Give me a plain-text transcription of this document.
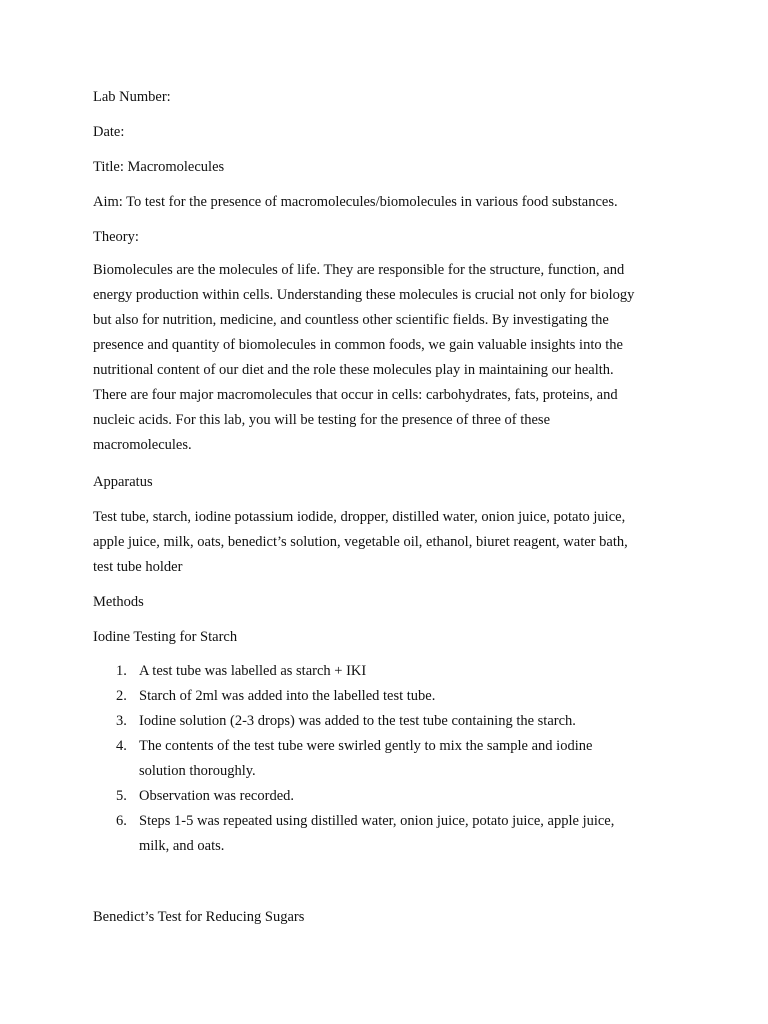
Lab Number:

Date:

Title: Macromolecules

Aim: To test for the presence of macromolecules/biomolecules in various food substances.

Theory:

Biomolecules are the molecules of life. They are responsible for the structure, function, and
energy production within cells. Understanding these molecules is crucial not only for biology
but also for nutrition, medicine, and countless other scientific fields. By investigating the
presence and quantity of biomolecules in common foods, we gain valuable insights into the
nutritional content of our diet and the role these molecules play in maintaining our health.
There are four major macromolecules that occur in cells: carbohydrates, fats, proteins, and
nucleic acids. For this lab, you will be testing for the presence of three of these
macromolecules.

Apparatus

Test tube, starch, iodine potassium iodide, dropper, distilled water, onion juice, potato juice,
apple juice, milk, oats, benedict’s solution, vegetable oil, ethanol, biuret reagent, water bath,
test tube holder

Methods

Iodine Testing for Starch

1. A test tube was labelled as starch + IKI
2. Starch of 2ml was added into the labelled test tube.
3. Iodine solution (2-3 drops) was added to the test tube containing the starch.
4. The contents of the test tube were swirled gently to mix the sample and iodine
solution thoroughly.
5. Observation was recorded.
6. Steps 1-5 was repeated using distilled water, onion juice, potato juice, apple juice,
milk, and oats.

Benedict’s Test for Reducing Sugars
